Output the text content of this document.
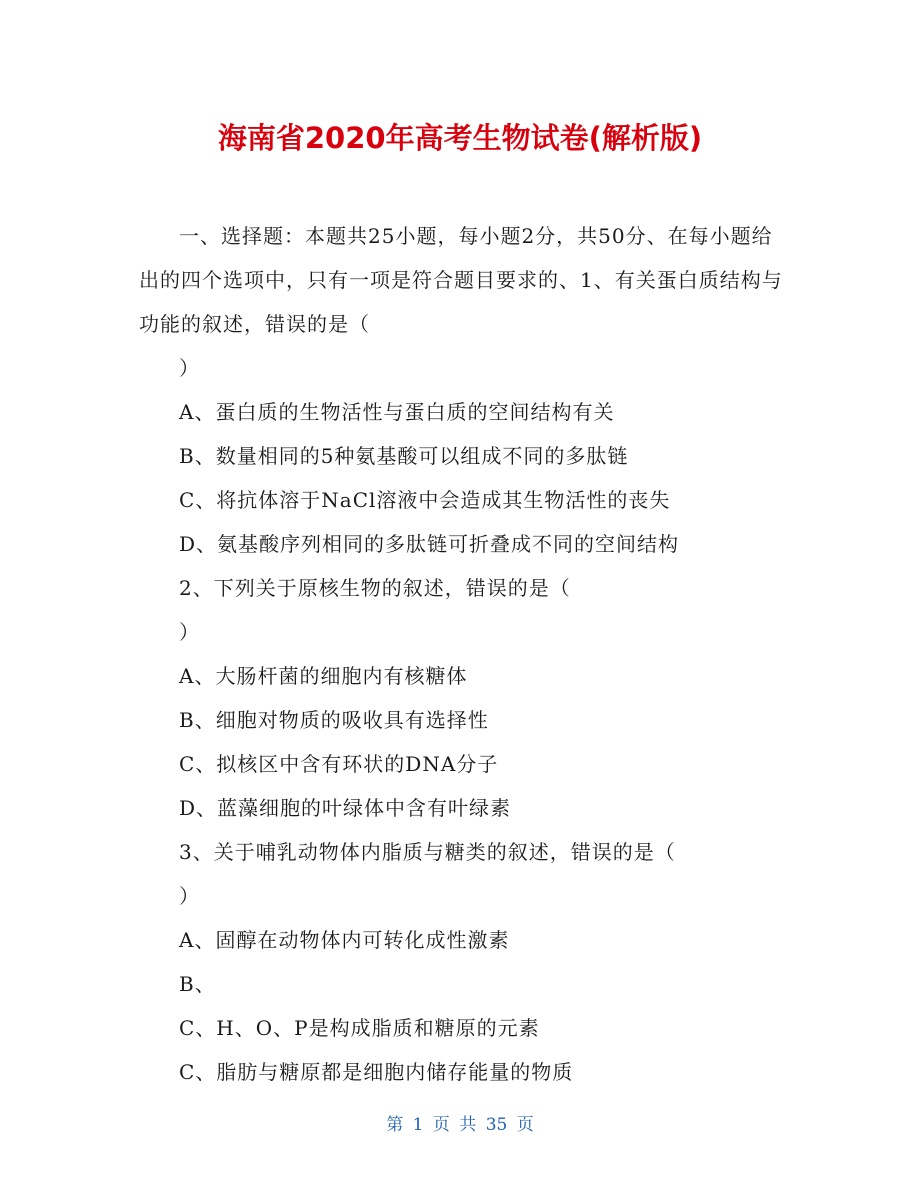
海南省2020年高考生物试卷(解析版)

一、选择题：本题共25小题，每小题2分，共50分、在每小题给出的四个选项中，只有一项是符合题目要求的、1、有关蛋白质结构与功能的叙述，错误的是（

）

A、蛋白质的生物活性与蛋白质的空间结构有关

B、数量相同的5种氨基酸可以组成不同的多肽链

C、将抗体溶于NaCl溶液中会造成其生物活性的丧失

D、氨基酸序列相同的多肽链可折叠成不同的空间结构

2、下列关于原核生物的叙述，错误的是（

）

A、大肠杆菌的细胞内有核糖体

B、细胞对物质的吸收具有选择性

C、拟核区中含有环状的DNA分子

D、蓝藻细胞的叶绿体中含有叶绿素

3、关于哺乳动物体内脂质与糖类的叙述，错误的是（

）

A、固醇在动物体内可转化成性激素

B、

C、H、O、P是构成脂质和糖原的元素

C、脂肪与糖原都是细胞内储存能量的物质

第 1 页 共 35 页
